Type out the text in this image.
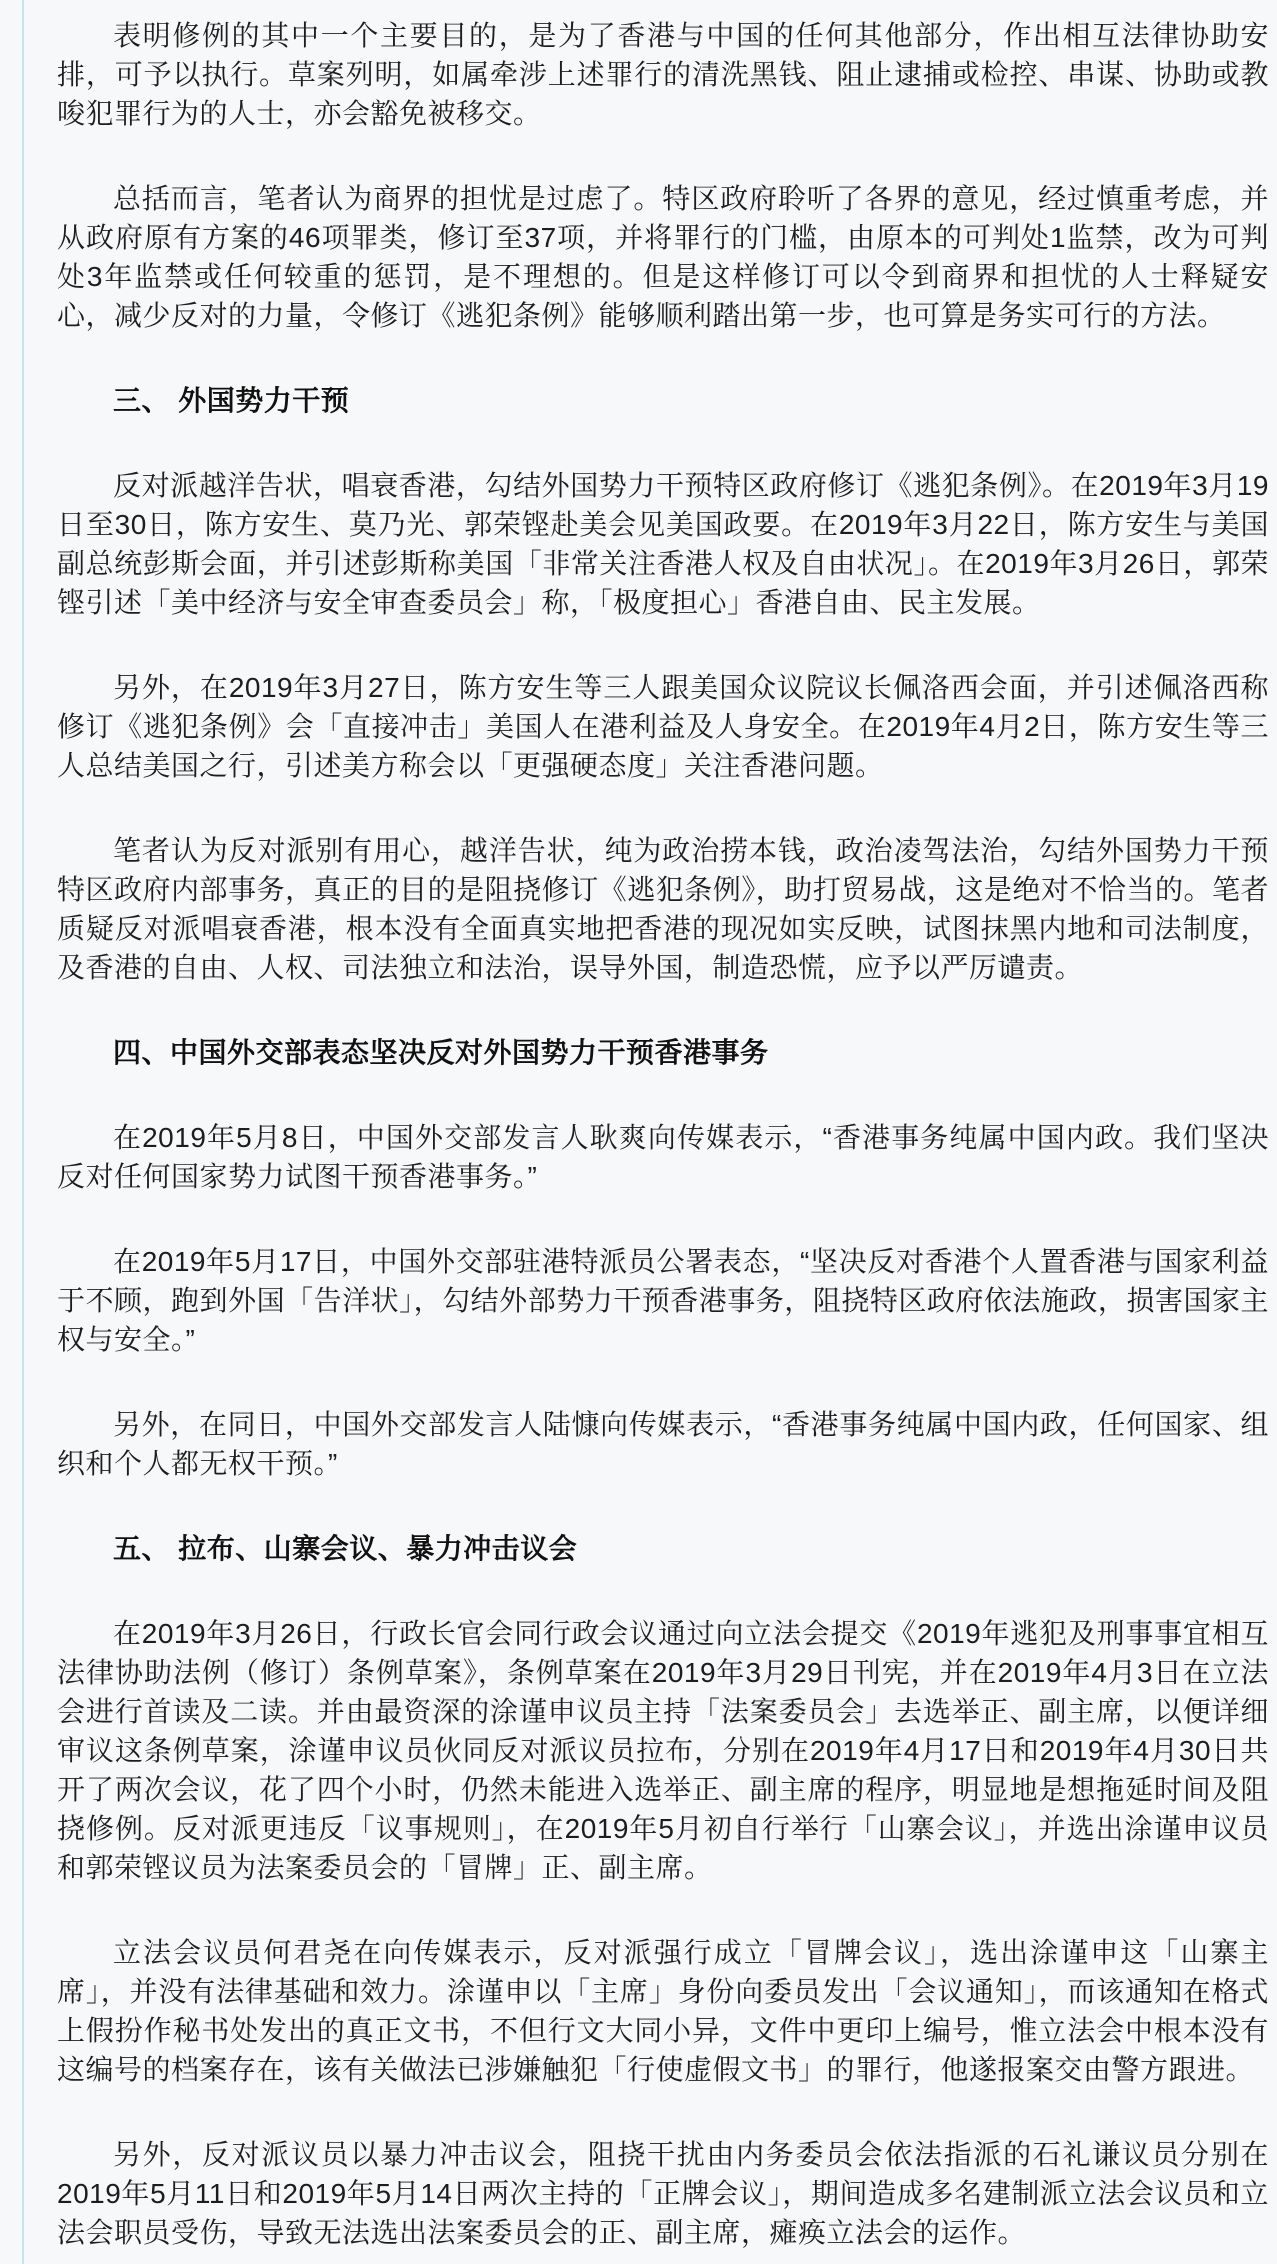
表明修例的其中一个主要目的，是为了香港与中国的任何其他部分，作出相互法律协助安排，可予以执行。草案列明，如属牵涉上述罪行的清洗黑钱、阻止逮捕或检控、串谋、协助或教唆犯罪行为的人士，亦会豁免被移交。

总括而言，笔者认为商界的担忧是过虑了。特区政府聆听了各界的意见，经过慎重考虑，并从政府原有方案的46项罪类，修订至37项，并将罪行的门槛，由原本的可判处1监禁，改为可判处3年监禁或任何较重的惩罚，是不理想的。但是这样修订可以令到商界和担忧的人士释疑安心，减少反对的力量，令修订《逃犯条例》能够顺利踏出第一步，也可算是务实可行的方法。

三、 外国势力干预

反对派越洋告状，唱衰香港，勾结外国势力干预特区政府修订《逃犯条例》。在2019年3月19日至30日，陈方安生、莫乃光、郭荣铿赴美会见美国政要。在2019年3月22日，陈方安生与美国副总统彭斯会面，并引述彭斯称美国「非常关注香港人权及自由状况」。在2019年3月26日，郭荣铿引述「美中经济与安全审查委员会」称，「极度担心」香港自由、民主发展。

另外，在2019年3月27日，陈方安生等三人跟美国众议院议长佩洛西会面，并引述佩洛西称修订《逃犯条例》会「直接冲击」美国人在港利益及人身安全。在2019年4月2日，陈方安生等三人总结美国之行，引述美方称会以「更强硬态度」关注香港问题。

笔者认为反对派别有用心，越洋告状，纯为政治捞本钱，政治凌驾法治，勾结外国势力干预特区政府内部事务，真正的目的是阻挠修订《逃犯条例》，助打贸易战，这是绝对不恰当的。笔者质疑反对派唱衰香港，根本没有全面真实地把香港的现况如实反映，试图抹黑内地和司法制度，及香港的自由、人权、司法独立和法治，误导外国，制造恐慌，应予以严厉谴责。

四、中国外交部表态坚决反对外国势力干预香港事务

在2019年5月8日，中国外交部发言人耿爽向传媒表示，“香港事务纯属中国内政。我们坚决反对任何国家势力试图干预香港事务。”

在2019年5月17日，中国外交部驻港特派员公署表态，“坚决反对香港个人置香港与国家利益于不顾，跑到外国「告洋状」，勾结外部势力干预香港事务，阻挠特区政府依法施政，损害国家主权与安全。”

另外，在同日，中国外交部发言人陆慷向传媒表示，“香港事务纯属中国内政，任何国家、组织和个人都无权干预。”

五、 拉布、山寨会议、暴力冲击议会

在2019年3月26日，行政长官会同行政会议通过向立法会提交《2019年逃犯及刑事事宜相互法律协助法例（修订）条例草案》，条例草案在2019年3月29日刊宪，并在2019年4月3日在立法会进行首读及二读。并由最资深的涂谨申议员主持「法案委员会」去选举正、副主席，以便详细审议这条例草案，涂谨申议员伙同反对派议员拉布，分别在2019年4月17日和2019年4月30日共开了两次会议，花了四个小时，仍然未能进入选举正、副主席的程序，明显地是想拖延时间及阻挠修例。反对派更违反「议事规则」，在2019年5月初自行举行「山寨会议」，并选出涂谨申议员和郭荣铿议员为法案委员会的「冒牌」正、副主席。

立法会议员何君尧在向传媒表示，反对派强行成立「冒牌会议」，选出涂谨申这「山寨主席」，并没有法律基础和效力。涂谨申以「主席」身份向委员发出「会议通知」，而该通知在格式上假扮作秘书处发出的真正文书，不但行文大同小异，文件中更印上编号，惟立法会中根本没有这编号的档案存在，该有关做法已涉嫌触犯「行使虚假文书」的罪行，他遂报案交由警方跟进。

另外，反对派议员以暴力冲击议会，阻挠干扰由内务委员会依法指派的石礼谦议员分别在2019年5月11日和2019年5月14日两次主持的「正牌会议」，期间造成多名建制派立法会议员和立法会职员受伤，导致无法选出法案委员会的正、副主席，瘫痪立法会的运作。
